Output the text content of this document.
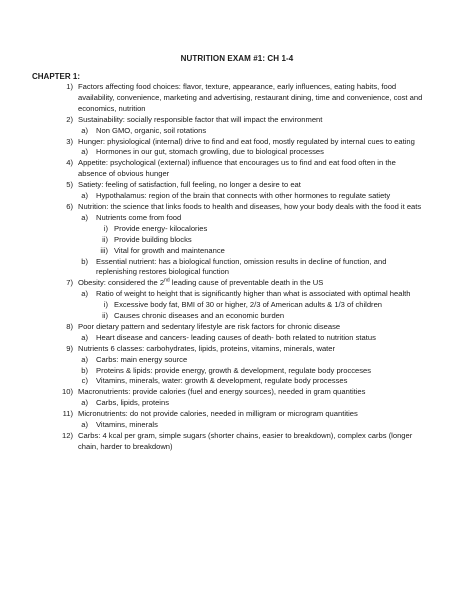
NUTRITION EXAM #1: CH 1-4
CHAPTER 1:
1) Factors affecting food choices: flavor, texture, appearance, early influences, eating habits, food availability, convenience, marketing and advertising, restaurant dining, time and convenience, cost and economics, nutrition
2) Sustainability: socially responsible factor that will impact the environment
a) Non GMO, organic, soil rotations
3) Hunger: physiological (internal) drive to find and eat food, mostly regulated by internal cues to eating
a) Hormones in our gut, stomach growling, due to biological processes
4) Appetite: psychological (external) influence that encourages us to find and eat food often in the absence of obvious hunger
5) Satiety: feeling of satisfaction, full feeling, no longer a desire to eat
a) Hypothalamus: region of the brain that connects with other hormones to regulate satiety
6) Nutrition: the science that links foods to health and diseases, how your body deals with the food it eats
a) Nutrients come from food
i) Provide energy- kilocalories
ii) Provide building blocks
iii) Vital for growth and maintenance
b) Essential nutrient: has a biological function, omission results in decline of function, and replenishing restores biological function
7) Obesity: considered the 2nd leading cause of preventable death in the US
a) Ratio of weight to height that is significantly higher than what is associated with optimal health
i) Excessive body fat, BMI of 30 or higher, 2/3 of American adults & 1/3 of children
ii) Causes chronic diseases and an economic burden
8) Poor dietary pattern and sedentary lifestyle are risk factors for chronic disease
a) Heart disease and cancers- leading causes of death- both related to nutrition status
9) Nutrients 6 classes: carbohydrates, lipids, proteins, vitamins, minerals, water
a) Carbs: main energy source
b) Proteins & lipids: provide energy, growth & development, regulate body procceses
c) Vitamins, minerals, water: growth & development, regulate body processes
10) Macronutrients: provide calories (fuel and energy sources), needed in gram quantities
a) Carbs, lipids, proteins
11) Micronutrients: do not provide calories, needed in milligram or microgram quantities
a) Vitamins, minerals
12) Carbs: 4 kcal per gram, simple sugars (shorter chains, easier to breakdown), complex carbs (longer chain, harder to breakdown)
